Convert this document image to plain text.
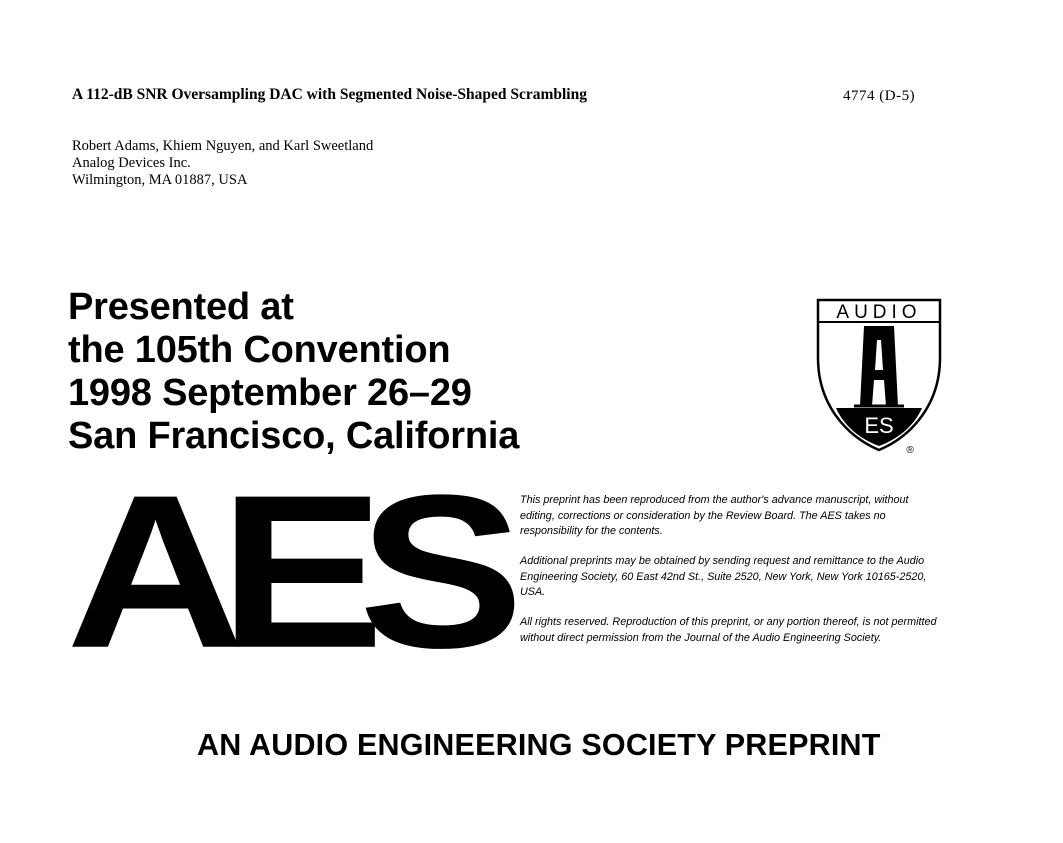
A 112-dB SNR Oversampling DAC with Segmented Noise-Shaped Scrambling	4774 (D-5)
Robert Adams, Khiem Nguyen, and Karl Sweetland
Analog Devices Inc.
Wilmington, MA 01887, USA
Presented at
the 105th Convention
1998 September 26–29
San Francisco, California
AUDIO
ES
®
AES This preprint has been reproduced from the author's advance manuscript, without editing, corrections or consideration by the Review Board. The AES takes no responsibility for the contents.

Additional preprints may be obtained by sending request and remittance to the Audio Engineering Society, 60 East 42nd St., Suite 2520, New York, New York 10165-2520, USA.

All rights reserved. Reproduction of this preprint, or any portion thereof, is not permitted without direct permission from the Journal of the Audio Engineering Society.

AN AUDIO ENGINEERING SOCIETY PREPRINT
